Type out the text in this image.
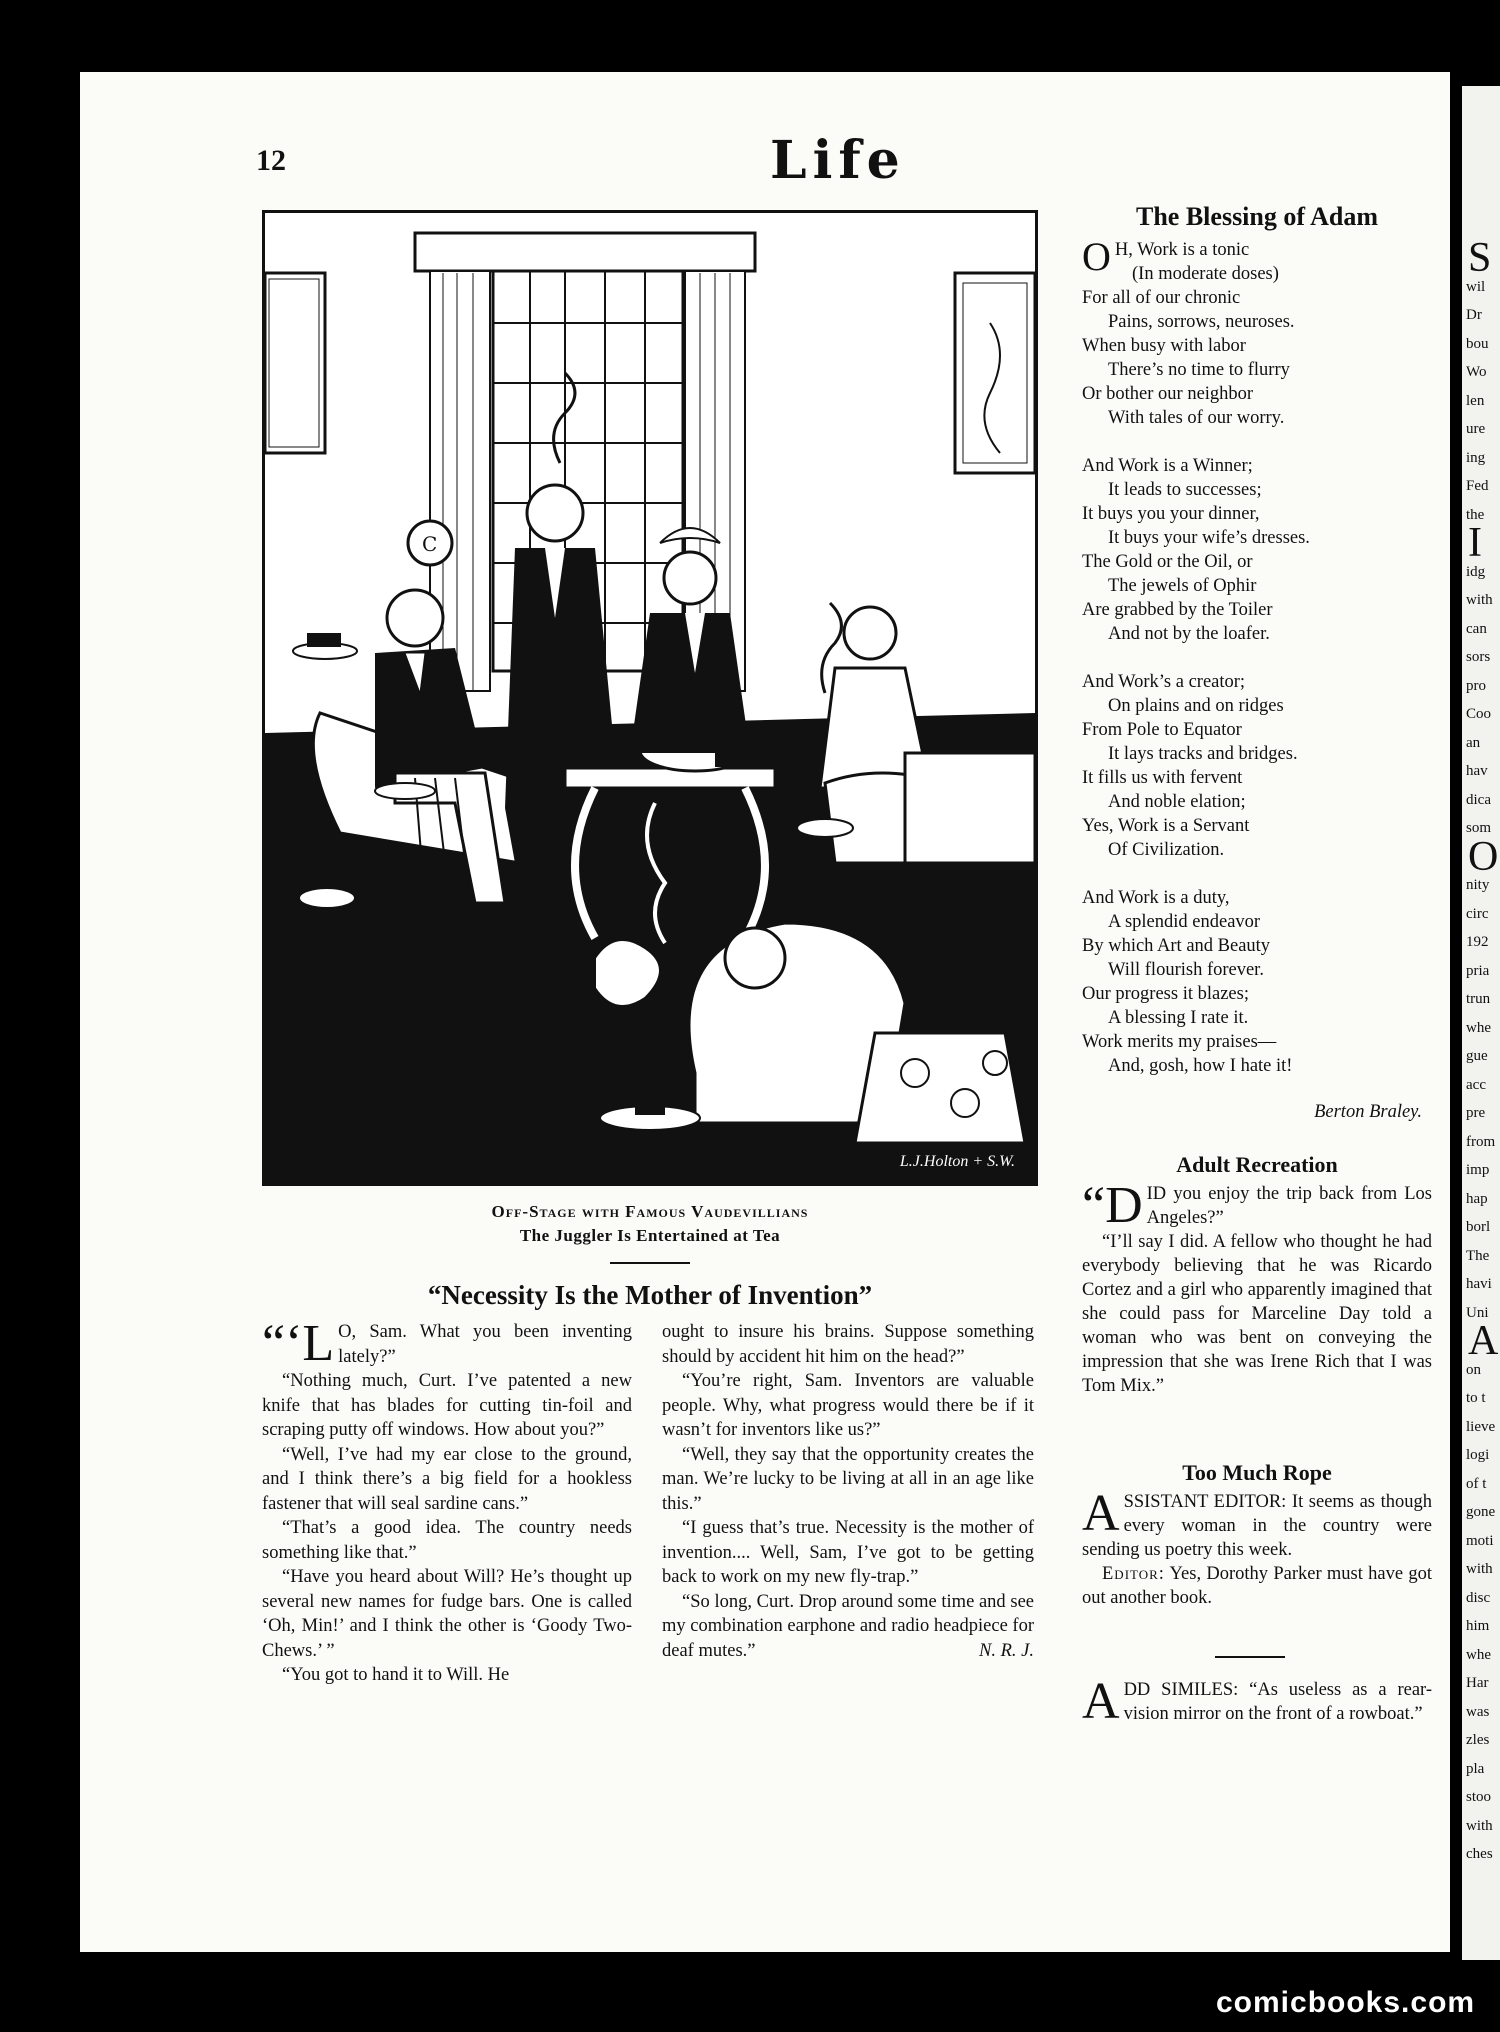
S
wil
Dr
bou
Wo
len
ure
ing
Fed
the
I
idg
with
can
sors
pro
Coo
an
hav
dica
som
O
nity
circ
192
pria
trun
whe
gue
acc
pre
from
imp
hap
borl
The
havi
Uni
A
on
to t
lieve
logi
of t
gone
moti
with
disc
him
whe
Har
was
zles
pla
stoo
with
ches
12	Life
C
L.J.Holton + S.W.
Off-Stage with Famous Vaudevillians
The Juggler Is Entertained at Tea
“Necessity Is the Mother of Invention”

“‘L O, Sam. What you been inventing lately?”

“Nothing much, Curt. I’ve patented a new knife that has blades for cutting tin-foil and scraping putty off windows. How about you?”

“Well, I’ve had my ear close to the ground, and I think there’s a big field for a hookless fastener that will seal sardine cans.”

“That’s a good idea. The country needs something like that.”

“Have you heard about Will? He’s thought up several new names for fudge bars. One is called ‘Oh, Min!’ and I think the other is ‘Goody Two-Chews.’ ”

“You got to hand it to Will. He

ought to insure his brains. Suppose something should by accident hit him on the head?”

“You’re right, Sam. Inventors are valuable people. Why, what progress would there be if it wasn’t for inventors like us?”

“Well, they say that the opportunity creates the man. We’re lucky to be living at all in an age like this.”

“I guess that’s true. Necessity is the mother of invention.... Well, Sam, I’ve got to be getting back to work on my new fly-trap.”

“So long, Curt. Drop around some time and see my combination earphone and radio headpiece for deaf mutes.”	N. R. J.

The Blessing of Adam
O H, Work is a tonic
(In moderate doses)
For all of our chronic
Pains, sorrows, neuroses.
When busy with labor
There’s no time to flurry
Or bother our neighbor
With tales of our worry.
And Work is a Winner;
It leads to successes;
It buys you your dinner,
It buys your wife’s dresses.
The Gold or the Oil, or
The jewels of Ophir
Are grabbed by the Toiler
And not by the loafer.
And Work’s a creator;
On plains and on ridges
From Pole to Equator
It lays tracks and bridges.
It fills us with fervent
And noble elation;
Yes, Work is a Servant
Of Civilization.
And Work is a duty,
A splendid endeavor
By which Art and Beauty
Will flourish forever.
Our progress it blazes;
A blessing I rate it.
Work merits my praises—
And, gosh, how I hate it!
Berton Braley.
Adult Recreation

“DID you enjoy the trip back from Los Angeles?”

“I’ll say I did. A fellow who thought he had everybody believing that he was Ricardo Cortez and a girl who apparently imagined that she could pass for Marceline Day told a woman who was bent on conveying the impression that she was Irene Rich that I was Tom Mix.”

Too Much Rope

ASSISTANT EDITOR: It seems as though every woman in the country were sending us poetry this week.

Editor: Yes, Dorothy Parker must have got out another book.

ADD SIMILES: “As useless as a rear-vision mirror on the front of a rowboat.”

comicbooks.com
